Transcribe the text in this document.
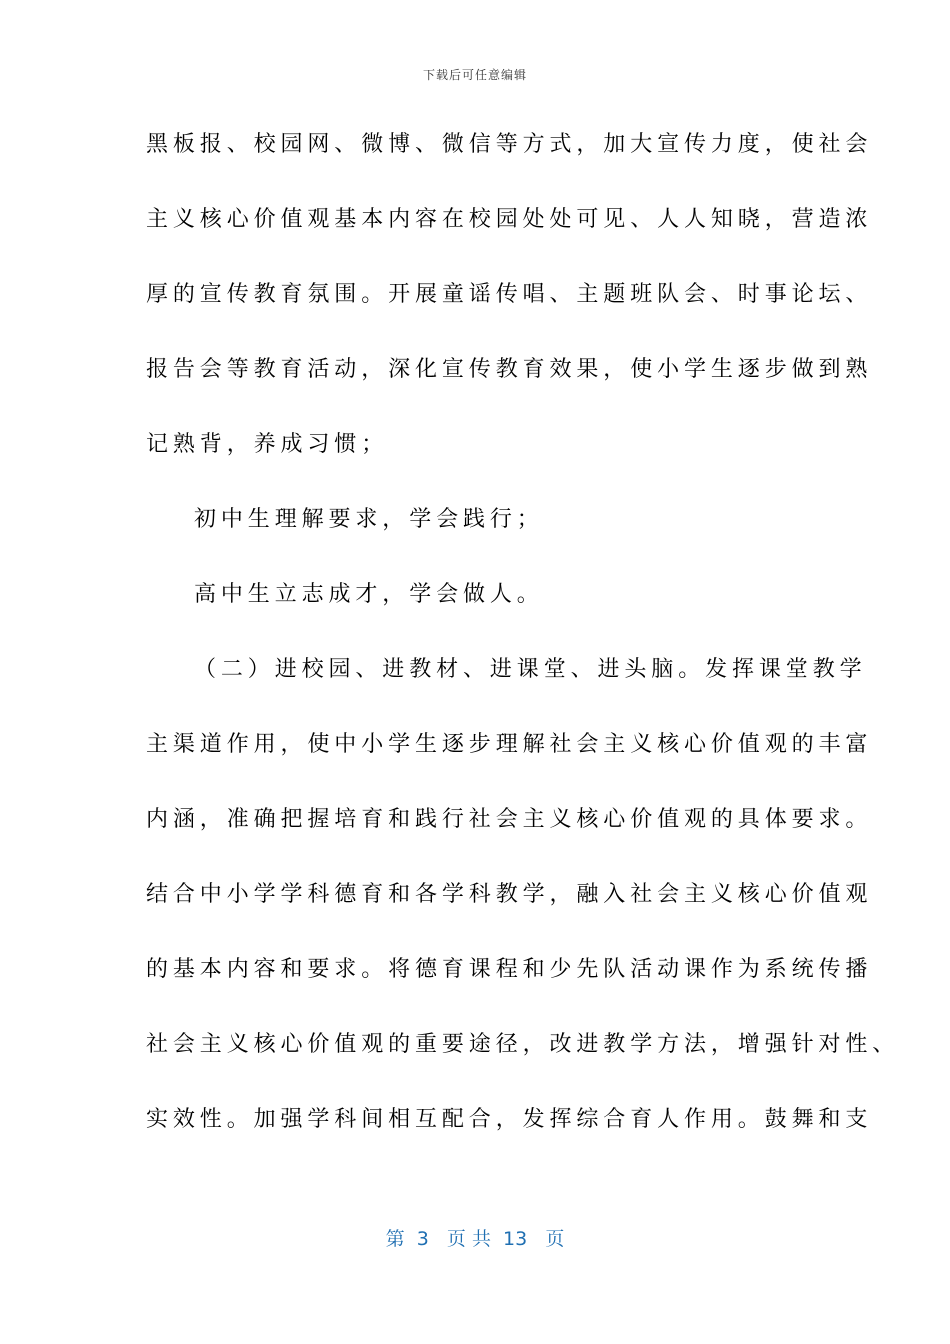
下载后可任意编辑
黑板报、校园网、微博、微信等方式，加大宣传力度，使社会
主义核心价值观基本内容在校园处处可见、人人知晓，营造浓
厚的宣传教育氛围。开展童谣传唱、主题班队会、时事论坛、
报告会等教育活动，深化宣传教育效果，使小学生逐步做到熟
记熟背，养成习惯；
初中生理解要求，学会践行；
高中生立志成才，学会做人。
（二）进校园、进教材、进课堂、进头脑。发挥课堂教学
主渠道作用，使中小学生逐步理解社会主义核心价值观的丰富
内涵，准确把握培育和践行社会主义核心价值观的具体要求。
结合中小学学科德育和各学科教学，融入社会主义核心价值观
的基本内容和要求。将德育课程和少先队活动课作为系统传播
社会主义核心价值观的重要途径，改进教学方法，增强针对性、
实效性。加强学科间相互配合，发挥综合育人作用。鼓舞和支
第  3   页 共  13   页
